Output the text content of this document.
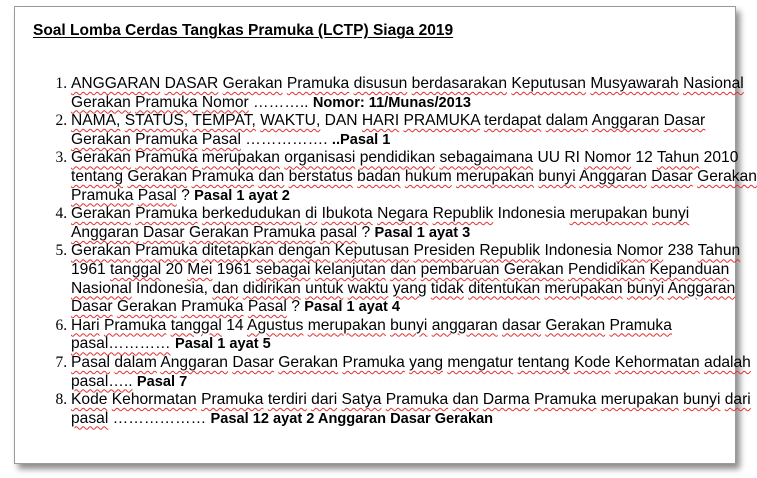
Soal Lomba Cerdas Tangkas Pramuka (LCTP) Siaga 2019
1. ANGGARAN DASAR Gerakan Pramuka disusun berdasarakan Keputusan Musyawarah Nasional Gerakan Pramuka Nomor ……….. Nomor: 11/Munas/2013
2. NAMA, STATUS, TEMPAT, WAKTU, DAN HARI PRAMUKA terdapat dalam Anggaran Dasar Gerakan Pramuka Pasal ……………. ..Pasal 1
3. Gerakan Pramuka merupakan organisasi pendidikan sebagaimana UU RI Nomor 12 Tahun 2010 tentang Gerakan Pramuka dan berstatus badan hukum merupakan bunyi Anggaran Dasar Gerakan Pramuka Pasal ? Pasal 1 ayat 2
4. Gerakan Pramuka berkedudukan di Ibukota Negara Republik Indonesia merupakan bunyi Anggaran Dasar Gerakan Pramuka pasal ? Pasal 1 ayat 3
5. Gerakan Pramuka ditetapkan dengan Keputusan Presiden Republik Indonesia Nomor 238 Tahun 1961 tanggal 20 Mei 1961 sebagai kelanjutan dan pembaruan Gerakan Pendidikan Kepanduan Nasional Indonesia, dan didirikan untuk waktu yang tidak ditentukan merupakan bunyi Anggaran Dasar Gerakan Pramuka Pasal ? Pasal 1 ayat 4
6. Hari Pramuka tanggal 14 Agustus merupakan bunyi anggaran dasar Gerakan Pramuka pasal………… Pasal 1 ayat 5
7. Pasal dalam Anggaran Dasar Gerakan Pramuka yang mengatur tentang Kode Kehormatan adalah pasal….. Pasal 7
8. Kode Kehormatan Pramuka terdiri dari Satya Pramuka dan Darma Pramuka merupakan bunyi dari pasal ……………… Pasal 12 ayat 2 Anggaran Dasar Gerakan
